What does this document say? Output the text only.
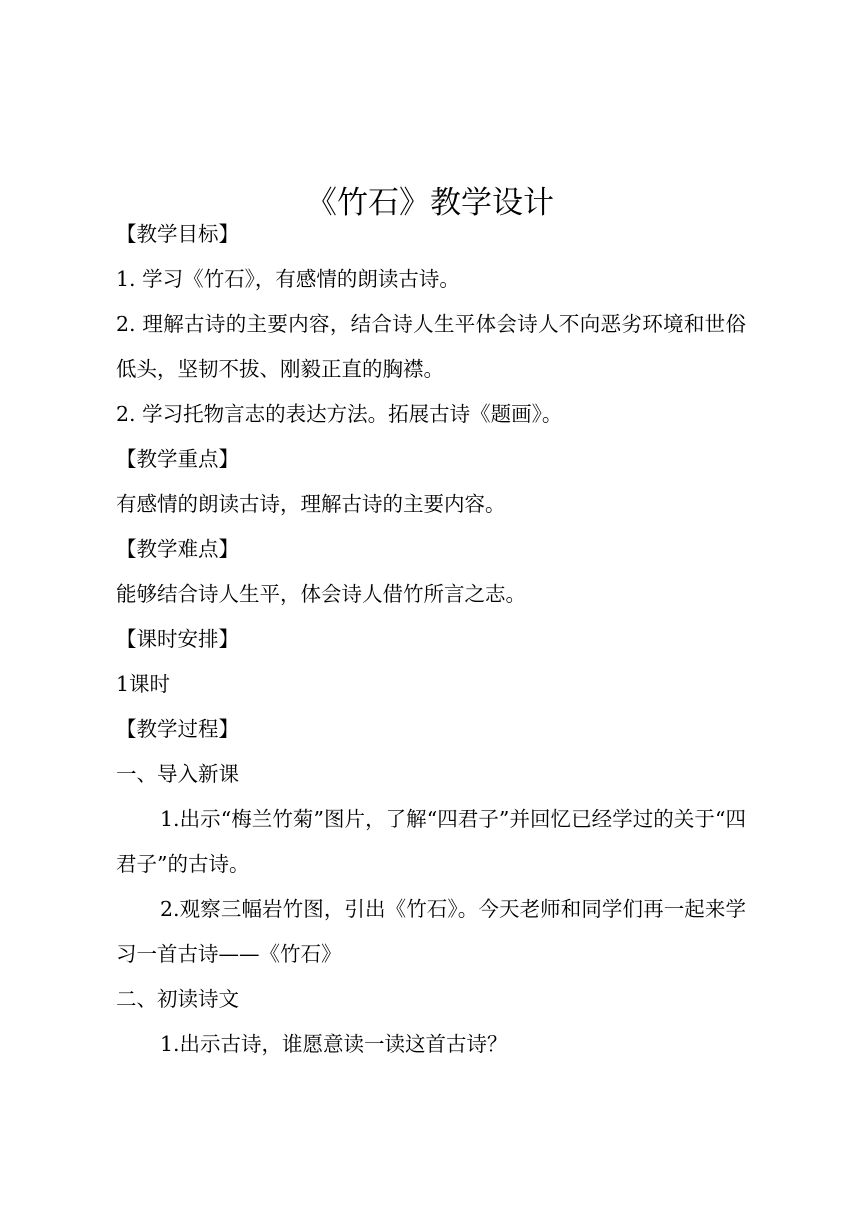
《竹石》教学设计

【教学目标】

1. 学习《竹石》，有感情的朗读古诗。

2. 理解古诗的主要内容，结合诗人生平体会诗人不向恶劣环境和世俗低头，坚韧不拔、刚毅正直的胸襟。

2. 学习托物言志的表达方法。拓展古诗《题画》。

【教学重点】

有感情的朗读古诗，理解古诗的主要内容。

【教学难点】

能够结合诗人生平，体会诗人借竹所言之志。

【课时安排】

1课时

【教学过程】

一、导入新课

1.出示“梅兰竹菊”图片，了解“四君子”并回忆已经学过的关于“四君子”的古诗。

2.观察三幅岩竹图，引出《竹石》。今天老师和同学们再一起来学习一首古诗——《竹石》

二、初读诗文

1.出示古诗，谁愿意读一读这首古诗？
